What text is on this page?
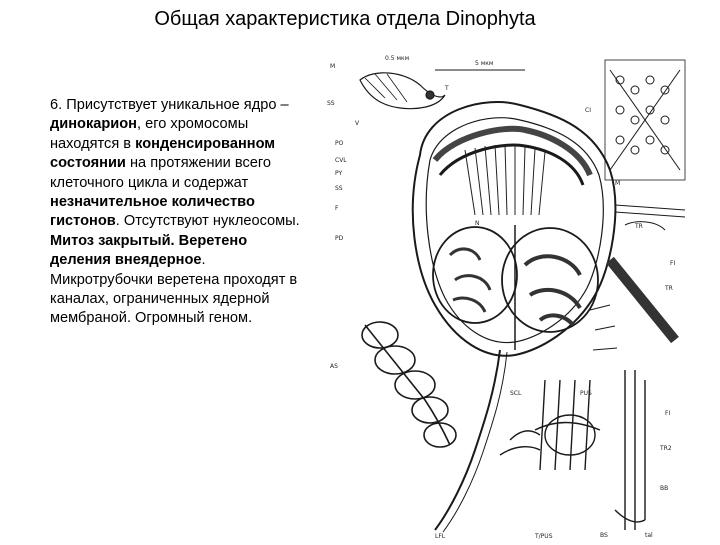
Общая характеристика отдела Dinophyta
6. Присутствует уникальное ядро – динокарион, его хромосомы находятся в конденсированном состоянии на протяжении всего клеточного цикла и содержат незначительное количество гистонов. Отсутствуют нуклеосомы. Митоз закрытый. Веретено деления внеядерное. Микротрубочки веретена проходят в каналах, ограниченных ядерной мембраной. Огромный геном.
M
0.5 мкм
5 мкм
SS
V
T
CI
PO
CVL
PY
SS
F
PD
TR
FI
M
TR
AS
SCL	PUS
T/PUS
LFL
FI
TR2
BB
BS	tal
N
